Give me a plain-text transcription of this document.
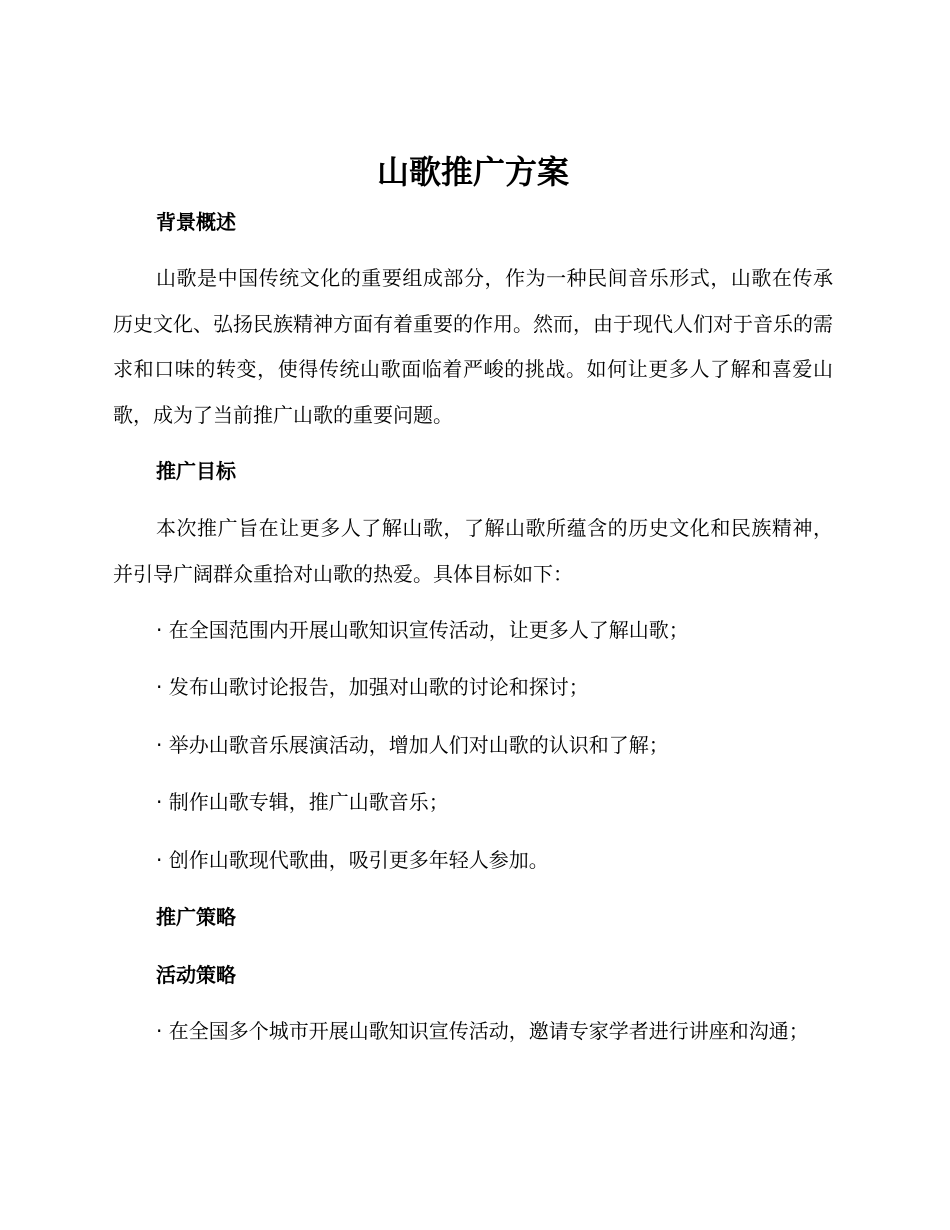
山歌推广方案
背景概述

山歌是中国传统文化的重要组成部分，作为一种民间音乐形式，山歌在传承历史文化、弘扬民族精神方面有着重要的作用。然而，由于现代人们对于音乐的需求和口味的转变，使得传统山歌面临着严峻的挑战。如何让更多人了解和喜爱山歌，成为了当前推广山歌的重要问题。

推广目标

本次推广旨在让更多人了解山歌，了解山歌所蕴含的历史文化和民族精神，并引导广阔群众重拾对山歌的热爱。具体目标如下：

· 在全国范围内开展山歌知识宣传活动，让更多人了解山歌；

· 发布山歌讨论报告，加强对山歌的讨论和探讨；

· 举办山歌音乐展演活动，增加人们对山歌的认识和了解；

· 制作山歌专辑，推广山歌音乐；

· 创作山歌现代歌曲，吸引更多年轻人参加。

推广策略
活动策略

· 在全国多个城市开展山歌知识宣传活动，邀请专家学者进行讲座和沟通；
